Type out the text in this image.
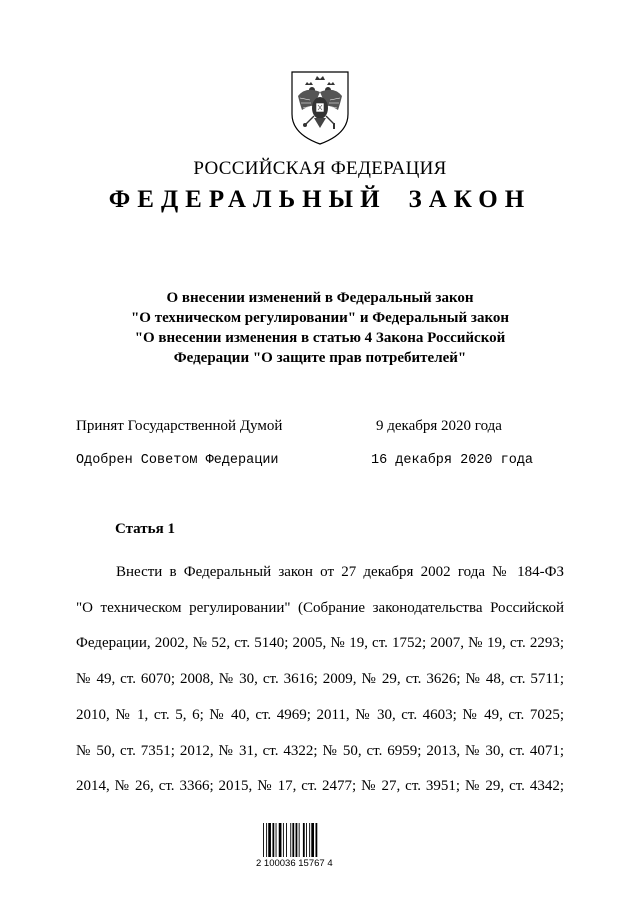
РОССИЙСКАЯ ФЕДЕРАЦИЯ
ФЕДЕРАЛЬНЫЙ ЗАКОН
О внесении изменений в Федеральный закон
"О техническом регулировании" и Федеральный закон
"О внесении изменения в статью 4 Закона Российской
Федерации "О защите прав потребителей"
Принят Государственной Думой	9 декабря 2020 года
Одобрен Советом Федерации	16 декабря 2020 года
Статья 1
Внести в Федеральный закон от 27 декабря 2002 года № 184-ФЗ
"О техническом регулировании" (Собрание законодательства Российской
Федерации, 2002, № 52, ст. 5140; 2005, № 19, ст. 1752; 2007, № 19, ст. 2293;
№ 49, ст. 6070; 2008, № 30, ст. 3616; 2009, № 29, ст. 3626; № 48, ст. 5711;
2010, № 1, ст. 5, 6; № 40, ст. 4969; 2011, № 30, ст. 4603; № 49, ст. 7025;
№ 50, ст. 7351; 2012, № 31, ст. 4322; № 50, ст. 6959; 2013, № 30, ст. 4071;
2014, № 26, ст. 3366; 2015, № 17, ст. 2477; № 27, ст. 3951; № 29, ст. 4342;
2 100036 15767 4
